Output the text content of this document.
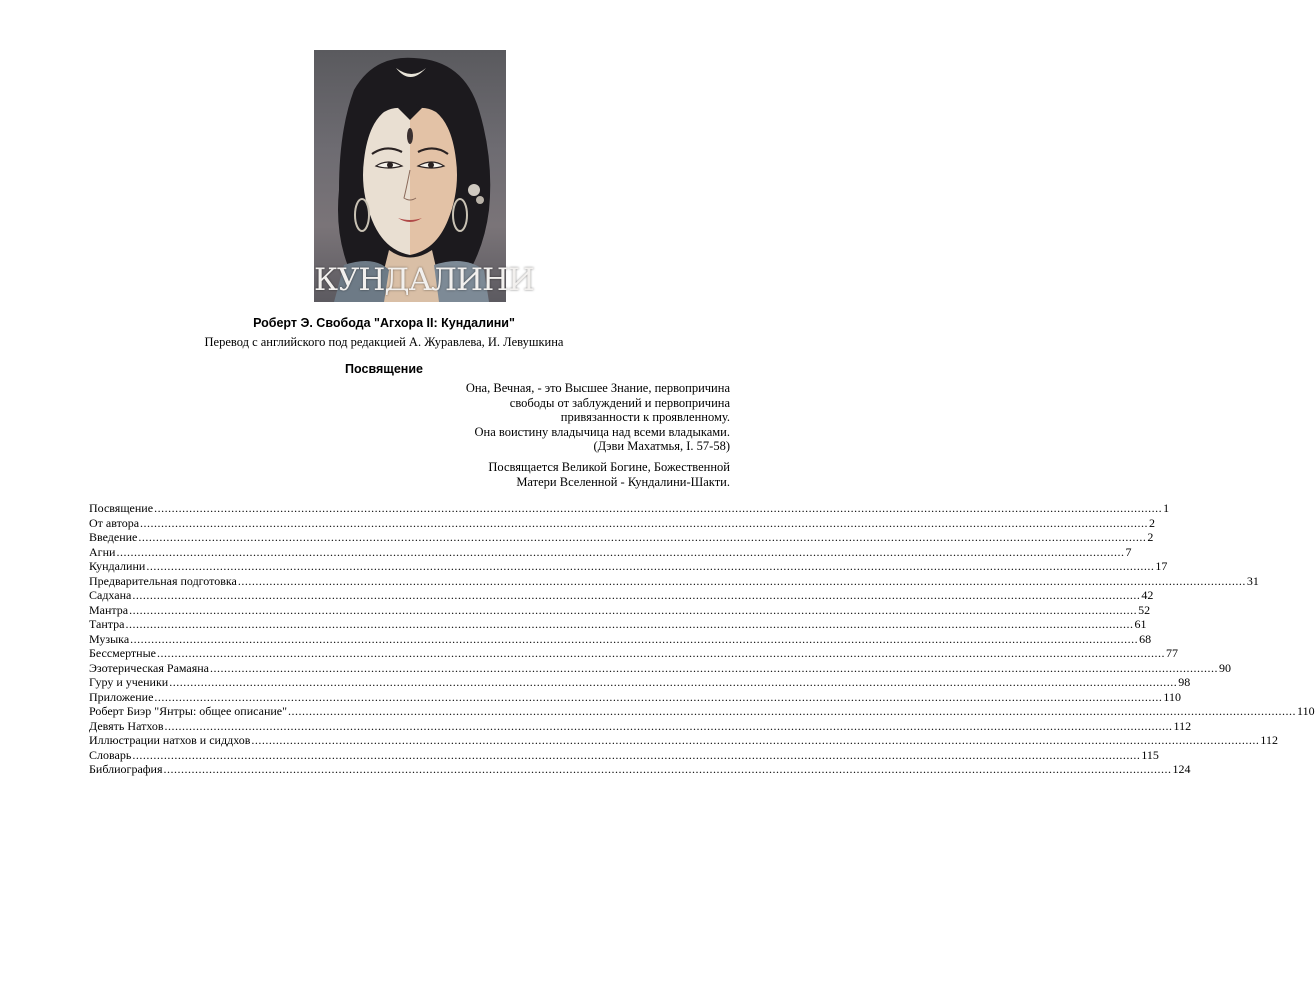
КУНДАЛИНИ
Роберт Э. Свобода "Агхора II: Кундалини"
Перевод с английского под редакцией А. Журавлева, И. Левушкина
Посвящение
Она, Вечная, - это Высшее Знание, первопричина
свободы от заблуждений и первопричина
привязанности к проявленному.
Она воистину владычица над всеми владыками.
(Дэви Махатмья, I. 57-58)
Посвящается Великой Богине, Божественной
Матери Вселенной - Кундалини-Шакти.
Посвящение .....	1
От автора .....	2
Введение .....	2
Агни .....	7
Кундалини .....	17
Предварительная подготовка .....	31
Садхана .....	42
Мантра .....	52
Тантра .....	61
Музыка .....	68
Бессмертные .....	77
Эзотерическая Рамаяна .....	90
Гуру и ученики .....	98
Приложение .....	110
Роберт Биэр "Янтры: общее описание" .....	110
Девять Натхов .....	112
Иллюстрации натхов и сиддхов .....	112
Словарь .....	115
Библиография .....	124
